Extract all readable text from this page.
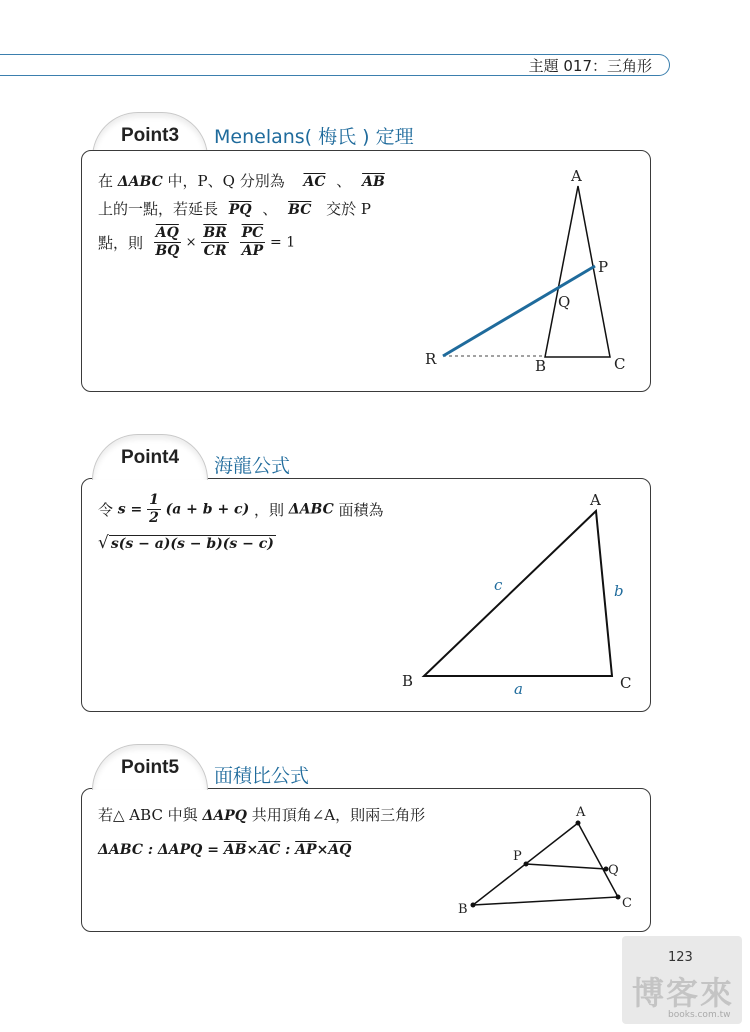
主題 017：三角形
Point3	Menelans( 梅氏 ) 定理
在 ΔABC 中，P、Q 分別為 $\overline{AC}$ 、 $\overline{AB}$
上的一點，若延長 $\overline{PQ}$ 、 $\overline{BC}$ 交於 P
點，則 $\frac{\overline{AQ}}{BQ} \times \frac{\overline{BR}}{CR}$
$\frac{\overline{PC}}{AP} = 1$
A
P
Q
R	B	C
A
B	C
a
b
c
A
P
Q
B	C
Point4	海龍公式
令 $s = \frac{1}{2} (a + b + c)$ ，則 ΔABC 面積為
√ s(s − a)(s − b)(s − c)
Point5	面積比公式
若△ ABC 中與 ΔAPQ 共用頂角∠A，則兩三角形
ΔABC : $\Delta APQ = \overline{AB}\times\overline{AC}$ : $\overline{AP}\times\overline{AQ}$
123
博客來
books.com.tw
